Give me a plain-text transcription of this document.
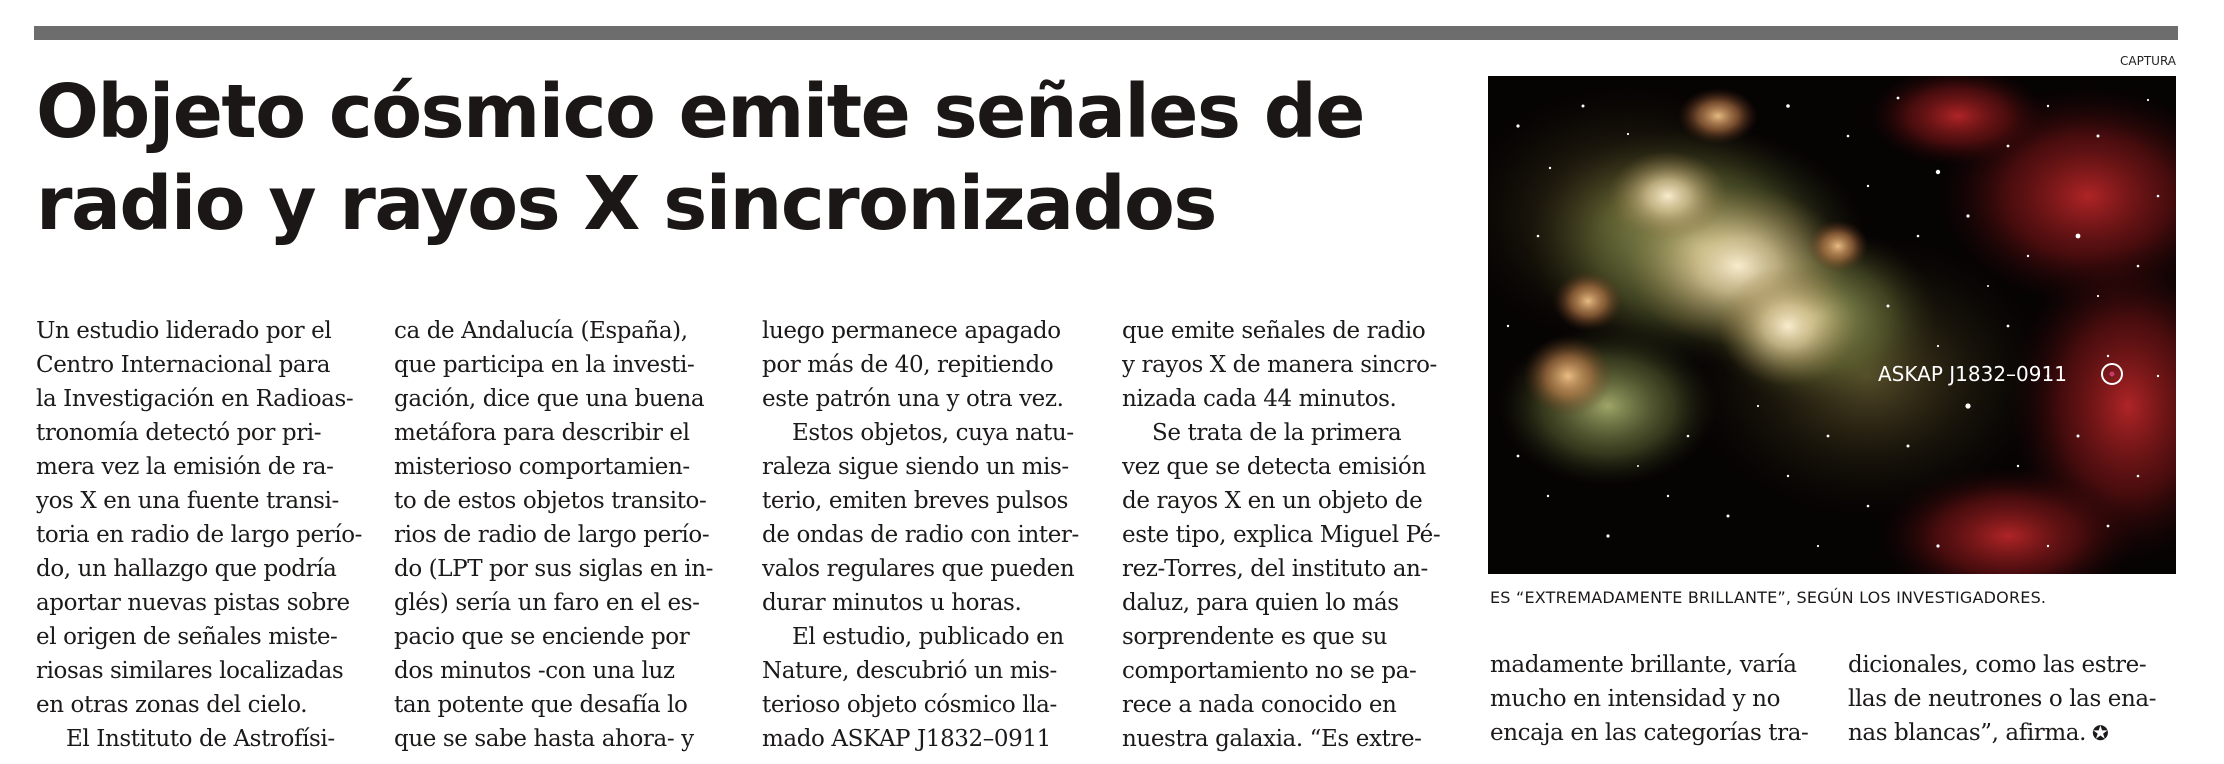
Objeto cósmico emite señales de
radio y rayos X sincronizados
Un estudio liderado por el
Centro Internacional para
la Investigación en Radioas-
tronomía detectó por pri-
mera vez la emisión de ra-
yos X en una fuente transi-
toria en radio de largo perío-
do, un hallazgo que podría
aportar nuevas pistas sobre
el origen de señales miste-
riosas similares localizadas
en otras zonas del cielo.
El Instituto de Astrofísi-
ca de Andalucía (España),
que participa en la investi-
gación, dice que una buena
metáfora para describir el
misterioso comportamien-
to de estos objetos transito-
rios de radio de largo perío-
do (LPT por sus siglas en in-
glés) sería un faro en el es-
pacio que se enciende por
dos minutos -con una luz
tan potente que desafía lo
que se sabe hasta ahora- y
luego permanece apagado
por más de 40, repitiendo
este patrón una y otra vez.
Estos objetos, cuya natu-
raleza sigue siendo un mis-
terio, emiten breves pulsos
de ondas de radio con inter-
valos regulares que pueden
durar minutos u horas.
El estudio, publicado en
Nature, descubrió un mis-
terioso objeto cósmico lla-
mado ASKAP J1832–0911
que emite señales de radio
y rayos X de manera sincro-
nizada cada 44 minutos.
Se trata de la primera
vez que se detecta emisión
de rayos X en un objeto de
este tipo, explica Miguel Pé-
rez-Torres, del instituto an-
daluz, para quien lo más
sorprendente es que su
comportamiento no se pa-
rece a nada conocido en
nuestra galaxia. “Es extre-
madamente brillante, varía
mucho en intensidad y no
encaja en las categorías tra-
dicionales, como las estre-
llas de neutrones o las ena-
nas blancas”, afirma. ✪
CAPTURA
ASKAP J1832–0911
ES “EXTREMADAMENTE BRILLANTE”, SEGÚN LOS INVESTIGADORES.
